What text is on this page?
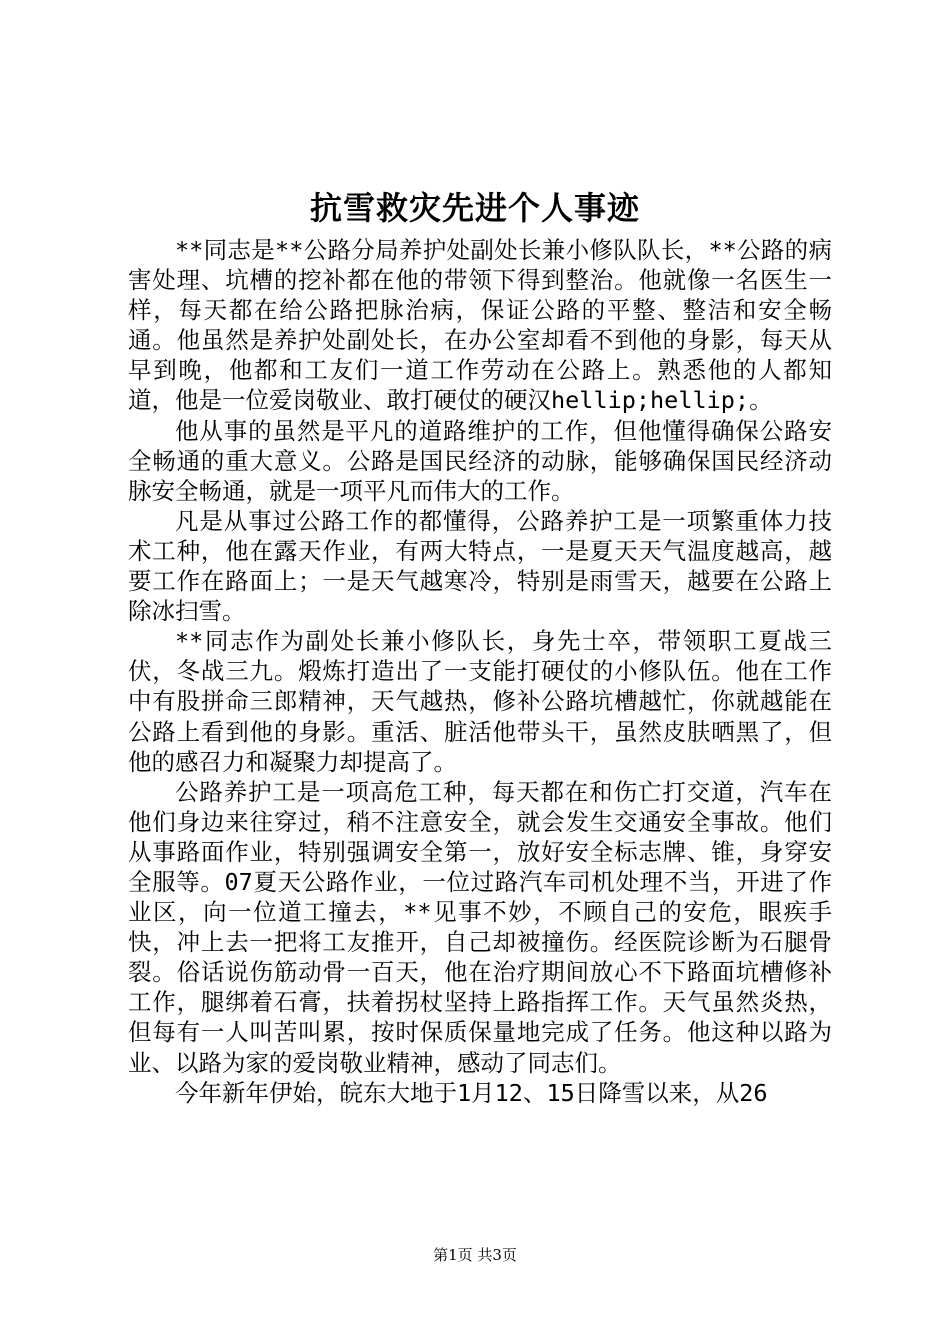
抗雪救灾先进个人事迹

**同志是**公路分局养护处副处长兼小修队队长，**公路的病害处理、坑槽的挖补都在他的带领下得到整治。他就像一名医生一样，每天都在给公路把脉治病，保证公路的平整、整洁和安全畅通。他虽然是养护处副处长，在办公室却看不到他的身影，每天从早到晚，他都和工友们一道工作劳动在公路上。熟悉他的人都知道，他是一位爱岗敬业、敢打硬仗的硬汉hellip;hellip;。

他从事的虽然是平凡的道路维护的工作，但他懂得确保公路安全畅通的重大意义。公路是国民经济的动脉，能够确保国民经济动脉安全畅通，就是一项平凡而伟大的工作。

凡是从事过公路工作的都懂得，公路养护工是一项繁重体力技术工种，他在露天作业，有两大特点，一是夏天天气温度越高，越要工作在路面上；一是天气越寒冷，特别是雨雪天，越要在公路上除冰扫雪。

**同志作为副处长兼小修队长，身先士卒，带领职工夏战三伏，冬战三九。煅炼打造出了一支能打硬仗的小修队伍。他在工作中有股拼命三郎精神，天气越热，修补公路坑槽越忙，你就越能在公路上看到他的身影。重活、脏活他带头干，虽然皮肤晒黑了，但他的感召力和凝聚力却提高了。

公路养护工是一项高危工种，每天都在和伤亡打交道，汽车在他们身边来往穿过，稍不注意安全，就会发生交通安全事故。他们从事路面作业，特别强调安全第一，放好安全标志牌、锥，身穿安全服等。07夏天公路作业，一位过路汽车司机处理不当，开进了作业区，向一位道工撞去，**见事不妙，不顾自己的安危，眼疾手快，冲上去一把将工友推开，自己却被撞伤。经医院诊断为石腿骨裂。俗话说伤筋动骨一百天，他在治疗期间放心不下路面坑槽修补工作，腿绑着石膏，扶着拐杖坚持上路指挥工作。天气虽然炎热，但每有一人叫苦叫累，按时保质保量地完成了任务。他这种以路为业、以路为家的爱岗敬业精神，感动了同志们。

今年新年伊始，皖东大地于1月12、15日降雪以来，从26

第1页 共3页
